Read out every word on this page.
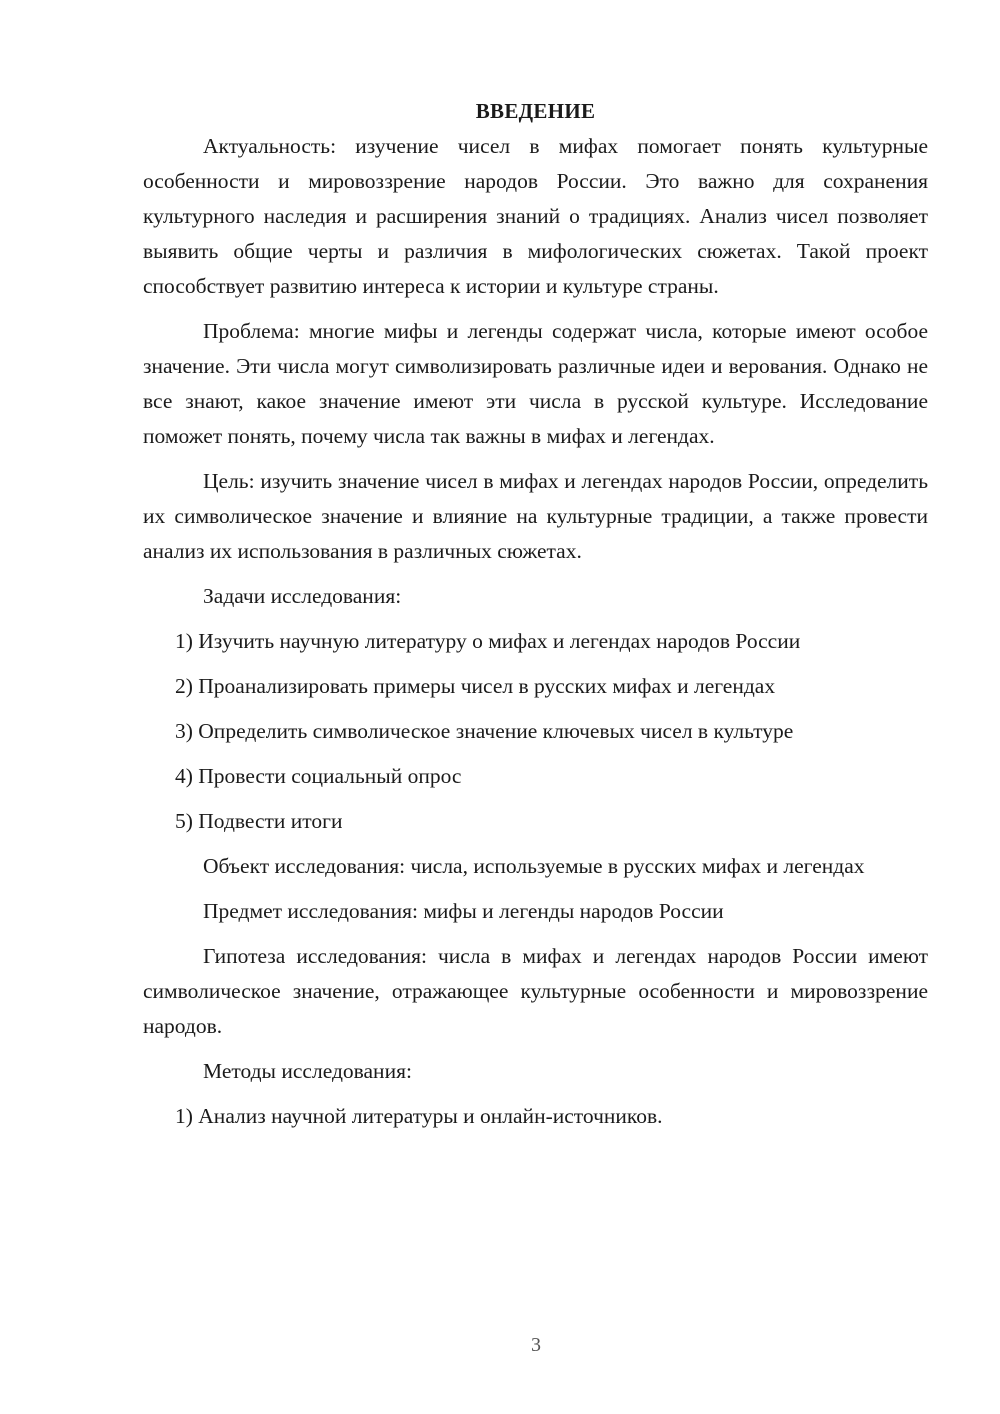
ВВЕДЕНИЕ

Актуальность: изучение чисел в мифах помогает понять культурные особенности и мировоззрение народов России. Это важно для сохранения культурного наследия и расширения знаний о традициях. Анализ чисел позволяет выявить общие черты и различия в мифологических сюжетах. Такой проект способствует развитию интереса к истории и культуре страны.

Проблема: многие мифы и легенды содержат числа, которые имеют особое значение. Эти числа могут символизировать различные идеи и верования. Однако не все знают, какое значение имеют эти числа в русской культуре. Исследование поможет понять, почему числа так важны в мифах и легендах.

Цель: изучить значение чисел в мифах и легендах народов России, определить их символическое значение и влияние на культурные традиции, а также провести анализ их использования в различных сюжетах.

Задачи исследования:

1) Изучить научную литературу о мифах и легендах народов России
2) Проанализировать примеры чисел в русских мифах и легендах
3) Определить символическое значение ключевых чисел в культуре
4) Провести социальный опрос
5) Подвести итоги

Объект исследования: числа, используемые в русских мифах и легендах

Предмет исследования: мифы и легенды народов России

Гипотеза исследования: числа в мифах и легендах народов России имеют символическое значение, отражающее культурные особенности и мировоззрение народов.

Методы исследования:

1) Анализ научной литературы и онлайн-источников.
3
